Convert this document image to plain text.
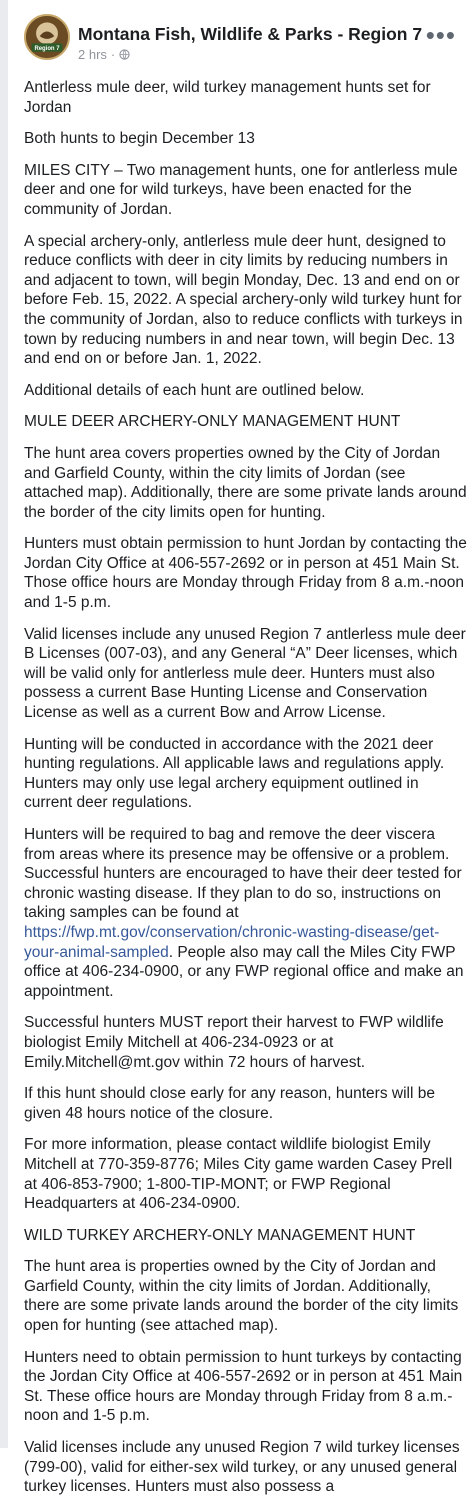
Region 7
Montana Fish, Wildlife & Parks - Region 7
2 hrs ·
•••

Antlerless mule deer, wild turkey management hunts set for Jordan

Both hunts to begin December 13

MILES CITY – Two management hunts, one for antlerless mule deer and one for wild turkeys, have been enacted for the community of Jordan.

A special archery-only, antlerless mule deer hunt, designed to reduce conflicts with deer in city limits by reducing numbers in and adjacent to town, will begin Monday, Dec. 13 and end on or before Feb. 15, 2022. A special archery-only wild turkey hunt for the community of Jordan, also to reduce conflicts with turkeys in town by reducing numbers in and near town, will begin Dec. 13 and end on or before Jan. 1, 2022.

Additional details of each hunt are outlined below.

MULE DEER ARCHERY-ONLY MANAGEMENT HUNT

The hunt area covers properties owned by the City of Jordan and Garfield County, within the city limits of Jordan (see attached map). Additionally, there are some private lands around the border of the city limits open for hunting.

Hunters must obtain permission to hunt Jordan by contacting the Jordan City Office at 406-557-2692 or in person at 451 Main St. Those office hours are Monday through Friday from 8 a.m.-noon and 1-5 p.m.

Valid licenses include any unused Region 7 antlerless mule deer B Licenses (007-03), and any General “A” Deer licenses, which will be valid only for antlerless mule deer. Hunters must also possess a current Base Hunting License and Conservation License as well as a current Bow and Arrow License.

Hunting will be conducted in accordance with the 2021 deer hunting regulations. All applicable laws and regulations apply. Hunters may only use legal archery equipment outlined in current deer regulations.

Hunters will be required to bag and remove the deer viscera from areas where its presence may be offensive or a problem. Successful hunters are encouraged to have their deer tested for chronic wasting disease. If they plan to do so, instructions on taking samples can be found at https://fwp.mt.gov/conservation/chronic-wasting-disease/get-your-animal-sampled. People also may call the Miles City FWP office at 406-234-0900, or any FWP regional office and make an appointment.

Successful hunters MUST report their harvest to FWP wildlife biologist Emily Mitchell at 406-234-0923 or at Emily.Mitchell@mt.gov within 72 hours of harvest.

If this hunt should close early for any reason, hunters will be given 48 hours notice of the closure.

For more information, please contact wildlife biologist Emily Mitchell at 770-359-8776; Miles City game warden Casey Prell at 406-853-7900; 1-800-TIP-MONT; or FWP Regional Headquarters at 406-234-0900.

WILD TURKEY ARCHERY-ONLY MANAGEMENT HUNT

The hunt area is properties owned by the City of Jordan and Garfield County, within the city limits of Jordan. Additionally, there are some private lands around the border of the city limits open for hunting (see attached map).

Hunters need to obtain permission to hunt turkeys by contacting the Jordan City Office at 406-557-2692 or in person at 451 Main St. These office hours are Monday through Friday from 8 a.m.-noon and 1-5 p.m.

Valid licenses include any unused Region 7 wild turkey licenses (799-00), valid for either-sex wild turkey, or any unused general turkey licenses. Hunters must also possess a
